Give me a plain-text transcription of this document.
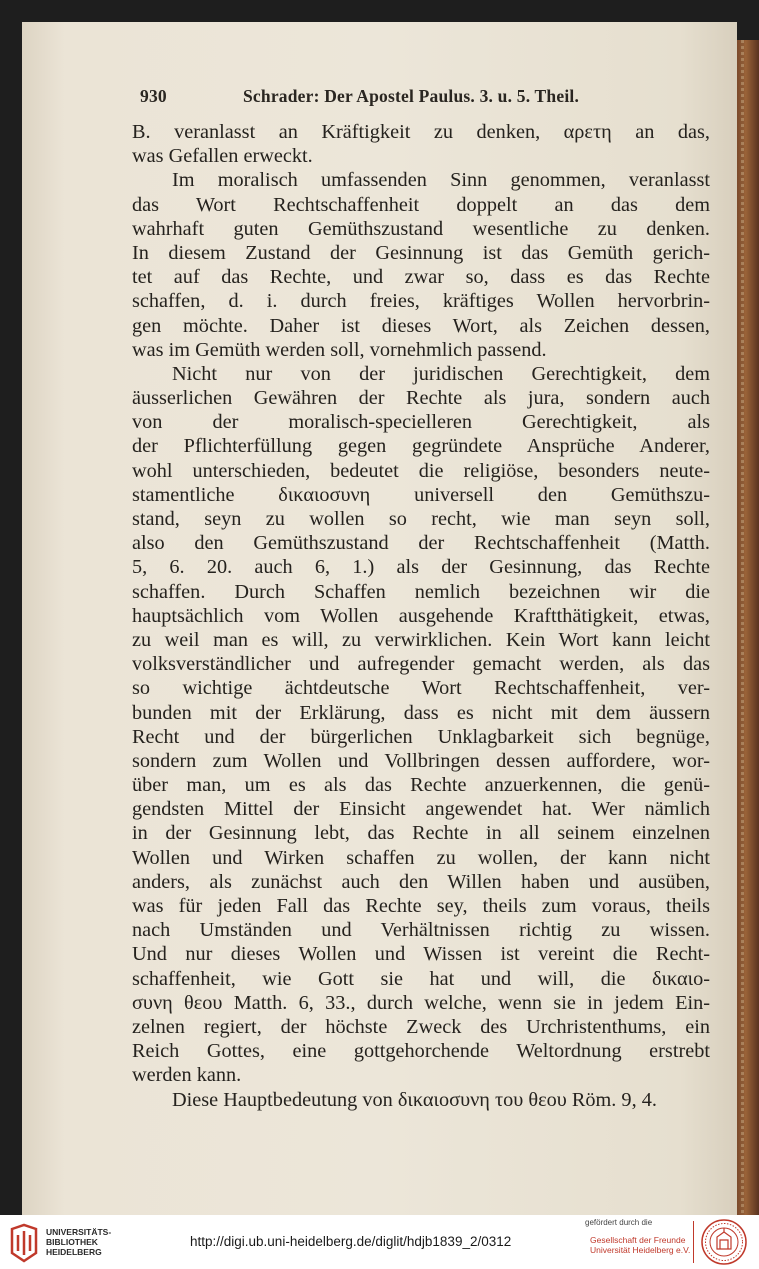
930	Schrader: Der Apostel Paulus. 3. u. 5. Theil.
B. veranlasst an Kräftigkeit zu denken, αρετη an das,
was Gefallen erweckt.
Im moralisch umfassenden Sinn genommen, veranlasst
das Wort Rechtschaffenheit doppelt an das dem
wahrhaft guten Gemüthszustand wesentliche zu denken.
In diesem Zustand der Gesinnung ist das Gemüth gerich-
tet auf das Rechte, und zwar so, dass es das Rechte
schaffen, d. i. durch freies, kräftiges Wollen hervorbrin-
gen möchte. Daher ist dieses Wort, als Zeichen dessen,
was im Gemüth werden soll, vornehmlich passend.
Nicht nur von der juridischen Gerechtigkeit, dem
äusserlichen Gewähren der Rechte als jura, sondern auch
von der moralisch-specielleren Gerechtigkeit, als
der Pflichterfüllung gegen gegründete Ansprüche Anderer,
wohl unterschieden, bedeutet die religiöse, besonders neute-
stamentliche δικαιοσυνη universell den Gemüthszu-
stand, seyn zu wollen so recht, wie man seyn soll,
also den Gemüthszustand der Rechtschaffenheit (Matth.
5, 6. 20. auch 6, 1.) als der Gesinnung, das Rechte
schaffen. Durch Schaffen nemlich bezeichnen wir die
hauptsächlich vom Wollen ausgehende Kraftthätigkeit, etwas,
zu weil man es will, zu verwirklichen. Kein Wort kann leicht
volksverständlicher und aufregender gemacht werden, als das
so wichtige ächtdeutsche Wort Rechtschaffenheit, ver-
bunden mit der Erklärung, dass es nicht mit dem äussern
Recht und der bürgerlichen Unklagbarkeit sich begnüge,
sondern zum Wollen und Vollbringen dessen auffordere, wor-
über man, um es als das Rechte anzuerkennen, die genü-
gendsten Mittel der Einsicht angewendet hat. Wer nämlich
in der Gesinnung lebt, das Rechte in all seinem einzelnen
Wollen und Wirken schaffen zu wollen, der kann nicht
anders, als zunächst auch den Willen haben und ausüben,
was für jeden Fall das Rechte sey, theils zum voraus, theils
nach Umständen und Verhältnissen richtig zu wissen.
Und nur dieses Wollen und Wissen ist vereint die Recht-
schaffenheit, wie Gott sie hat und will, die δικαιο-
συνη θεου Matth. 6, 33., durch welche, wenn sie in jedem Ein-
zelnen regiert, der höchste Zweck des Urchristenthums, ein
Reich Gottes, eine gottgehorchende Weltordnung erstrebt
werden kann.
Diese Hauptbedeutung von δικαιοσυνη του θεου Röm. 9, 4.
UNIVERSITÄTS-
BIBLIOTHEK
HEIDELBERG
http://digi.ub.uni-heidelberg.de/diglit/hdjb1839_2/0312
gefördert durch die
Gesellschaft der Freunde
Universität Heidelberg e.V.
